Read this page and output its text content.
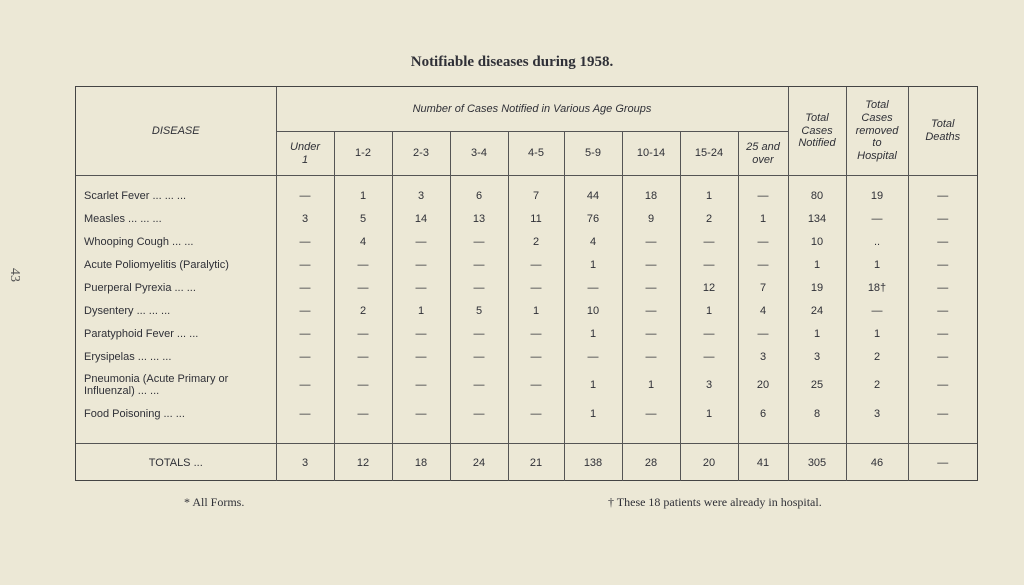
43
Notifiable diseases during 1958.
DISEASE	Number of Cases Notified in Various Age Groups									Total
Cases
Notified	Total
Cases
removed
to
Hospital	Total
Deaths
	Under
1	1-2	2-3	3-4	4-5	5-9	10-14	15-24	25 and
over			

Scarlet Fever ... ... ...	—	1	3	6	7	44	18	1	—	80	19	—
Measles ... ... ...	3	5	14	13	11	76	9	2	1	134	—	—
Whooping Cough ... ...	—	4	—	—	2	4	—	—	—	10	..	—
Acute Poliomyelitis (Paralytic)	—	—	—	—	—	1	—	—	—	1	1	—
Puerperal Pyrexia ... ...	—	—	—	—	—	—	—	12	7	19	18†	—
Dysentery ... ... ...	—	2	1	5	1	10	—	1	4	24	—	—
Paratyphoid Fever ... ...	—	—	—	—	—	1	—	—	—	1	1	—
Erysipelas ... ... ...	—	—	—	—	—	—	—	—	3	3	2	—
Pneumonia (Acute Primary or Influenzal) ... ...	—	—	—	—	—	1	1	3	20	25	2	—
Food Poisoning ... ...	—	—	—	—	—	1	—	1	6	8	3	—

TOTALS ...	3	12	18	24	21	138	28	20	41	305	46	—
* All Forms.	† These 18 patients were already in hospital.
